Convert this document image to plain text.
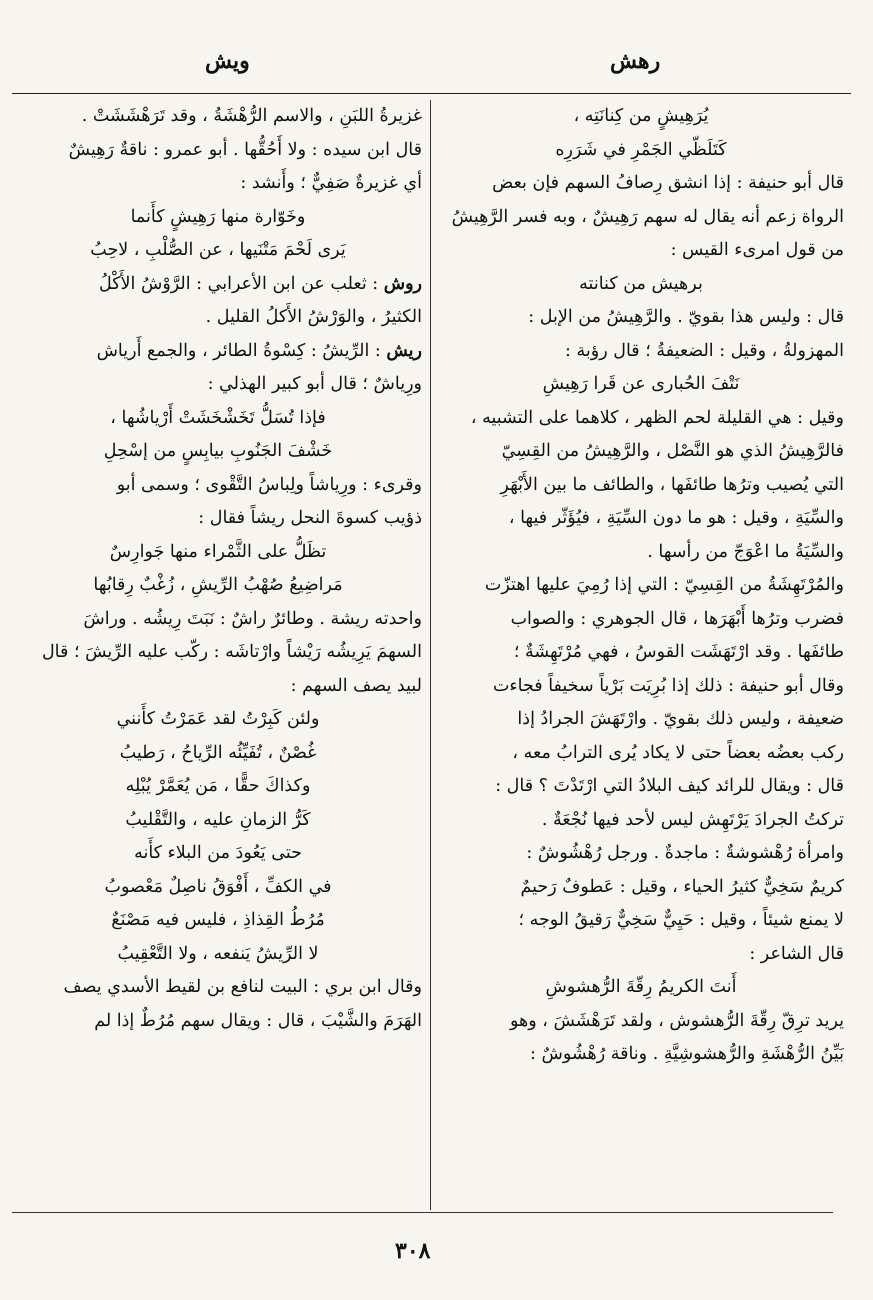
ويش	رهش
يُرَهِيشٍ من كِنانَتِه ،
كَتَلَظّي الجَمْرِ في شَرَرِه
قال أبو حنيفة : إذا انشق رِصافُ السهم فإن بعض
الرواة زعم أنه يقال له سهم رَهِيشٌ ، وبه فسر الرَّهِيشُ
من قول امرىء القيس :
برهيش من كنانته
قال : وليس هذا بقويّ . والرَّهِيشُ من الإبل :
المهزولةُ ، وقيل : الضعيفةُ ؛ قال رؤبة :
نَتْفَ الحُبارى عن قَرا رَهِيشِ
وقيل : هي القليلة لحم الظهر ، كلاهما على التشبيه ،
فالرَّهِيشُ الذي هو النَّصْل ، والرَّهِيشُ من القِسِيّ
التي يُصيب وترُها طائفَها ، والطائف ما بين الأَبْهَرِ
والسِّيَةِ ، وقيل : هو ما دون السِّيَةِ ، فيُؤَثّر فيها ،
والسِّيَةُ ما اعْوَجّ من رأسها .
والمُرْتَهِشَةُ من القِسِيّ : التي إذا رُمِيَ عليها اهتزّت
فضرب وترُها أَبْهَرَها ، قال الجوهري : والصواب
طائفَها . وقد ارْتَهَشَت القوسُ ، فهي مُرْتَهِشَةٌ ؛
وقال أبو حنيفة : ذلك إذا بُرِيَت بَرْياً سخيفاً فجاءت
ضعيفة ، وليس ذلك بقويّ . وارْتَهَشَ الجرادُ إذا
ركب بعضُه بعضاً حتى لا يكاد يُرى الترابُ معه ،
قال : ويقال للرائد كيف البلادُ التي ارْتَدْتَ ؟ قال :
تركتُ الجرادَ يَرْتَهِش ليس لأحد فيها نُجْعَةٌ .
وامرأة رُهْشوشةٌ : ماجدةٌ . ورجل رُهْشُوشٌ :
كريمٌ سَخِيٌّ كثيرُ الحياء ، وقيل : عَطوفٌ رَحيمٌ
لا يمنع شيئاً ، وقيل : حَيِيٌّ سَخِيٌّ رَقيقُ الوجه ؛
قال الشاعر :
أَنتَ الكريمُ رِقّةَ الرُّهشوشِ
يريد ترِقّ رِقّةَ الرُّهشوش ، ولقد تَرَهْشَشَ ، وهو
بَيِّنُ الرُّهْشَةِ والرُّهشوشِيَّةِ . وناقة رُهْشُوشٌ :
غزيرةُ اللبَنِ ، والاسم الرُّهْشَةُ ، وقد تَرَهْشَشَتْ .
قال ابن سيده : ولا أَحُقُّها . أبو عمرو : ناقةٌ رَهِيشٌ
أي غزيرةٌ صَفِيٌّ ؛ وأَنشد :
وخَوّارة منها رَهِيشٍ كأَنما
يَرى لَحْمَ مَتْنَيها ، عن الصُّلْبِ ، لاحِبُ
روش : ثعلب عن ابن الأعرابي : الرَّوْشُ الأَكْلُ
الكثيرُ ، والوَرْشُ الأَكلُ القليل .
ريش : الرِّيشُ : كِسْوةُ الطائر ، والجمع أَرياش
ورِياشٌ ؛ قال أبو كبير الهذلي :
فإذا تُسَلُّ تَخَشْخَشَتْ أَرْياشُها ،
خَشْفَ الجَنُوبِ بيابِسٍ من إسْحِلِ
وقرىء : ورِياشاً ولِباسُ التَّقْوى ؛ وسمى أبو
ذؤيب كسوةَ النحل ريشاً فقال :
تظَلُّ على الثَّمْراء منها جَوارِسٌ
مَراضِيعُ صُهْبُ الرِّيشِ ، زُغْبٌ رِقابُها
واحدته ريشة . وطائرٌ راشٌ : نَبَتَ رِيشُه . وراشَ
السهمَ يَرِيشُه رَيْشاً وارْتاشَه : ركّب عليه الرِّيشَ ؛ قال
لبيد يصف السهم :
ولئن كَبِرْتُ لقد عَمَرْتُ كأَنني
غُصْنٌ ، تُفَيِّئُه الرِّياحُ ، رَطيبُ
وكذاكَ حقًّا ، مَن يُعَمَّرْ يُبْلِه
كَرُّ الزمانِ عليه ، والتَّقْليبُ
حتى يَعُودَ من البلاء كأَنه
في الكفِّ ، أَفْوَقُ ناصِلٌ مَعْصوبُ
مُرُطُ القِذاذِ ، فليس فيه مَصْنَعٌ
لا الرِّيشُ يَنفعه ، ولا التَّعْقِيبُ
وقال ابن بري : البيت لنافع بن لقيط الأسدي يصف
الهَرَمَ والشَّيْبَ ، قال : ويقال سهم مُرُطٌ إذا لم
٣٠٨
